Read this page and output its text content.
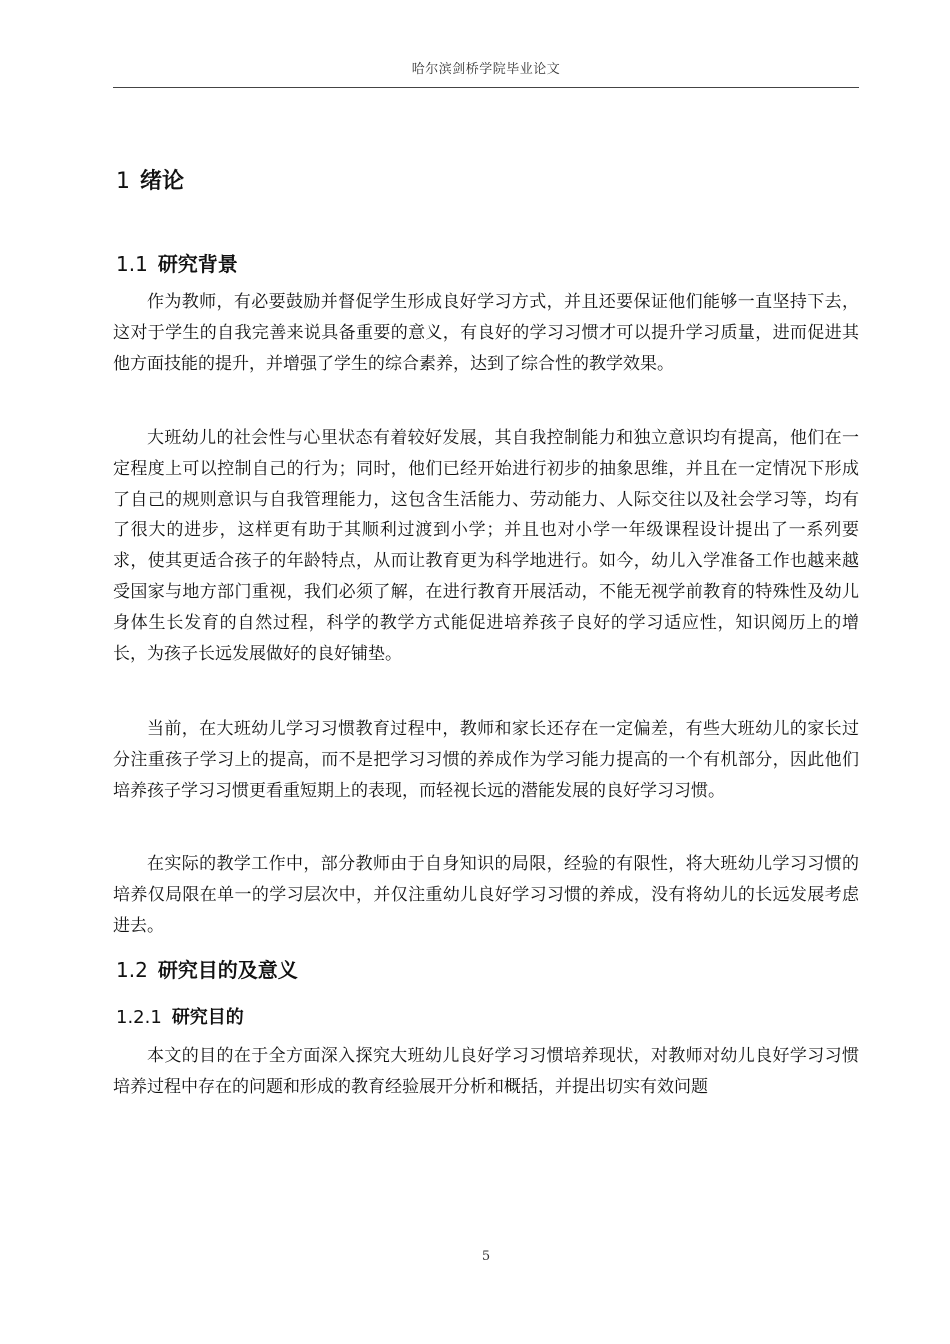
哈尔滨剑桥学院毕业论文
1 绪论
1.1 研究背景

作为教师，有必要鼓励并督促学生形成良好学习方式，并且还要保证他们能够一直坚持下去，这对于学生的自我完善来说具备重要的意义，有良好的学习习惯才可以提升学习质量，进而促进其他方面技能的提升，并增强了学生的综合素养，达到了综合性的教学效果。

大班幼儿的社会性与心里状态有着较好发展，其自我控制能力和独立意识均有提高，他们在一定程度上可以控制自己的行为；同时，他们已经开始进行初步的抽象思维，并且在一定情况下形成了自己的规则意识与自我管理能力，这包含生活能力、劳动能力、人际交往以及社会学习等，均有了很大的进步，这样更有助于其顺利过渡到小学；并且也对小学一年级课程设计提出了一系列要求，使其更适合孩子的年龄特点，从而让教育更为科学地进行。如今，幼儿入学准备工作也越来越受国家与地方部门重视，我们必须了解，在进行教育开展活动，不能无视学前教育的特殊性及幼儿身体生长发育的自然过程，科学的教学方式能促进培养孩子良好的学习适应性，知识阅历上的增长，为孩子长远发展做好的良好铺垫。

当前，在大班幼儿学习习惯教育过程中，教师和家长还存在一定偏差，有些大班幼儿的家长过分注重孩子学习上的提高，而不是把学习习惯的养成作为学习能力提高的一个有机部分，因此他们培养孩子学习习惯更看重短期上的表现，而轻视长远的潜能发展的良好学习习惯。

在实际的教学工作中，部分教师由于自身知识的局限，经验的有限性，将大班幼儿学习习惯的培养仅局限在单一的学习层次中，并仅注重幼儿良好学习习惯的养成，没有将幼儿的长远发展考虑进去。

1.2 研究目的及意义
1.2.1 研究目的

本文的目的在于全方面深入探究大班幼儿良好学习习惯培养现状，对教师对幼儿良好学习习惯培养过程中存在的问题和形成的教育经验展开分析和概括，并提出切实有效问题

5
